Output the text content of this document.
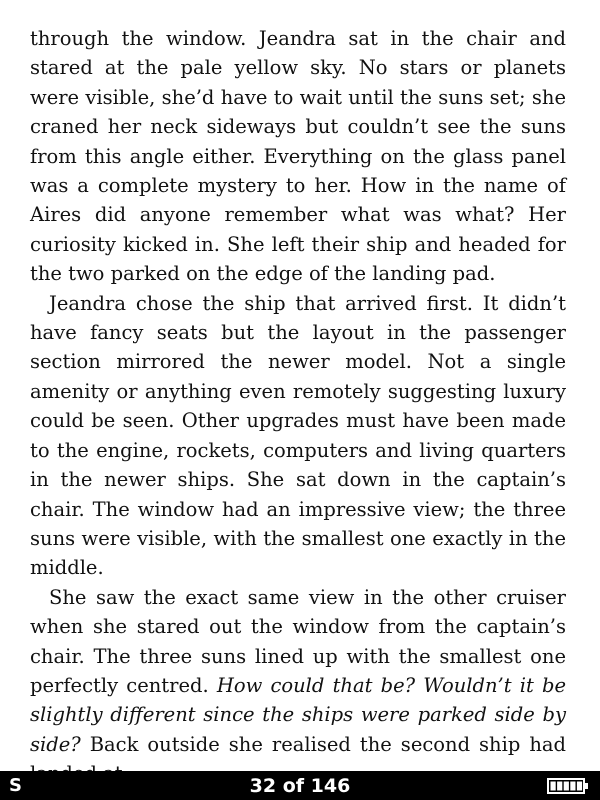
through the window. Jeandra sat in the chair and stared at the pale yellow sky. No stars or planets were visible, she’d have to wait until the suns set; she craned her neck sideways but couldn’t see the suns from this angle either. Everything on the glass panel was a complete mystery to her. How in the name of Aires did anyone remember what was what? Her curiosity kicked in. She left their ship and headed for the two parked on the edge of the landing pad.

Jeandra chose the ship that arrived first. It didn’t have fancy seats but the layout in the passenger section mirrored the newer model. Not a single amenity or anything even remotely suggesting luxury could be seen. Other upgrades must have been made to the engine, rockets, computers and living quarters in the newer ships. She sat down in the captain’s chair. The window had an impressive view; the three suns were visible, with the smallest one exactly in the middle.

She saw the exact same view in the other cruiser when she stared out the window from the captain’s chair. The three suns lined up with the smallest one perfectly centred. How could that be? Wouldn’t it be slightly different since the ships were parked side by side? Back outside she realised the second ship had

S	32 of 146
